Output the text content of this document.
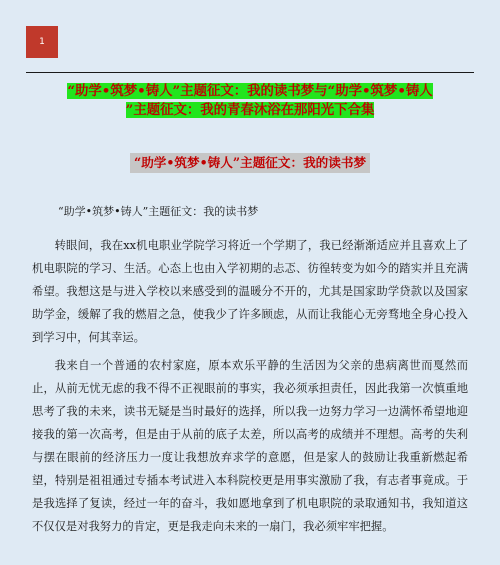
1
“助学•筑梦•铸人”主题征文：我的读书梦与“助学•筑梦•铸人
”主题征文：我的青春沐浴在那阳光下合集
“助学•筑梦•铸人”主题征文：我的读书梦
“助学•筑梦•铸人”主题征文：我的读书梦
转眼间，我在xx机电职业学院学习将近一个学期了，我已经渐渐适应并且喜欢上了机电职院的学习、生活。心态上也由入学初期的忐忑、彷徨转变为如今的踏实并且充满希望。我想这是与进入学校以来感受到的温暖分不开的，尤其是国家助学贷款以及国家助学金，缓解了我的燃眉之急，使我少了许多顾虑，从而让我能心无旁骛地全身心投入到学习中，何其幸运。
我来自一个普通的农村家庭，原本欢乐平静的生活因为父亲的患病离世而戛然而止，从前无忧无虑的我不得不正视眼前的事实，我必须承担责任，因此我第一次慎重地思考了我的未来，读书无疑是当时最好的选择，所以我一边努力学习一边满怀希望地迎接我的第一次高考，但是由于从前的底子太差，所以高考的成绩并不理想。高考的失利与摆在眼前的经济压力一度让我想放弃求学的意愿，但是家人的鼓励让我重新燃起希望，特别是祖祖通过专插本考试进入本科院校更是用事实激励了我，有志者事竟成。于是我选择了复读，经过一年的奋斗，我如愿地拿到了机电职院的录取通知书，我知道这不仅仅是对我努力的肯定，更是我走向未来的一扇门，我必须牢牢把握。
